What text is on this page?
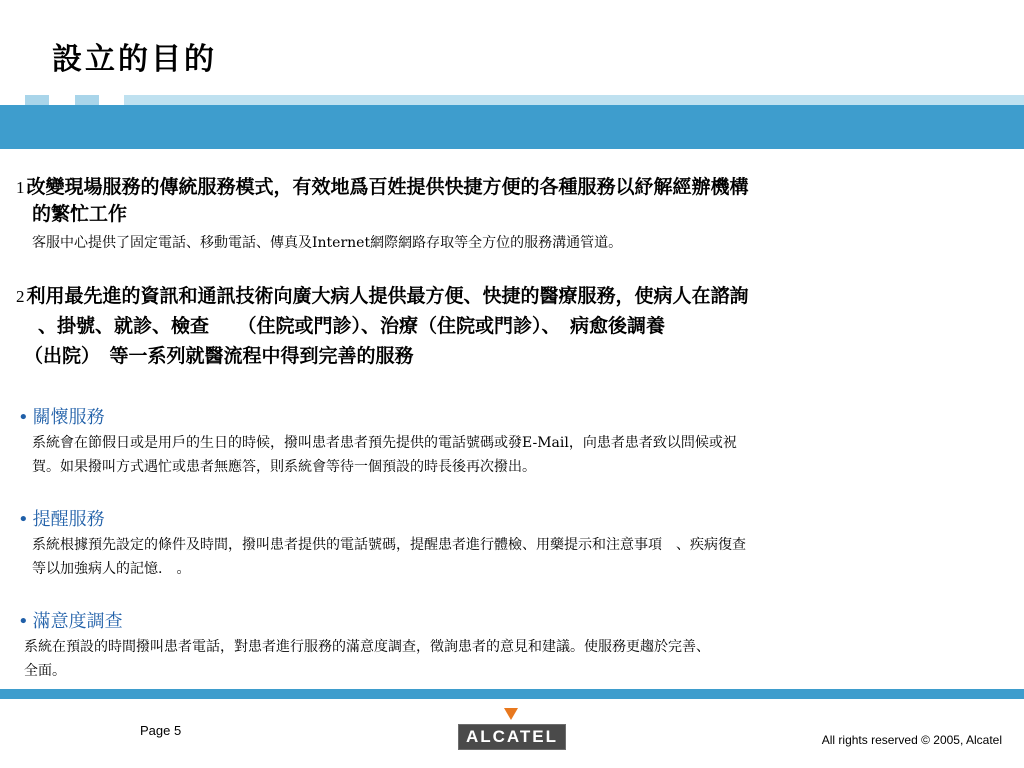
設立的目的
1 改變現場服務的傳統服務模式，有效地爲百姓提供快捷方便的各種服務以紓解經辦機構
的繁忙工作
客服中心提供了固定電話、移動電話、傳真及Internet網際網路存取等全方位的服務溝通管道。
2 利用最先進的資訊和通訊技術向廣大病人提供最方便、快捷的醫療服務，使病人在諮詢
、掛號、就診、檢查　　（住院或門診）、治療（住院或門診）、　病愈後調養
（出院）　等一系列就醫流程中得到完善的服務
• 關懷服務
系統會在節假日或是用戶的生日的時候，撥叫患者患者預先提供的電話號碼或發E-Mail，向患者患者致以問候或祝
賀。如果撥叫方式遇忙或患者無應答，則系統會等待一個預設的時長後再次撥出。
• 提醒服務
系統根據預先設定的條件及時間，撥叫患者提供的電話號碼，提醒患者進行體檢、用藥提示和注意事項　、疾病復查
等以加強病人的記憶.　。
• 滿意度調查
系統在預設的時間撥叫患者電話，對患者進行服務的滿意度調查，徵詢患者的意見和建議。使服務更趨於完善、
全面。
Page 5	ALCATEL	All rights reserved © 2005, Alcatel
